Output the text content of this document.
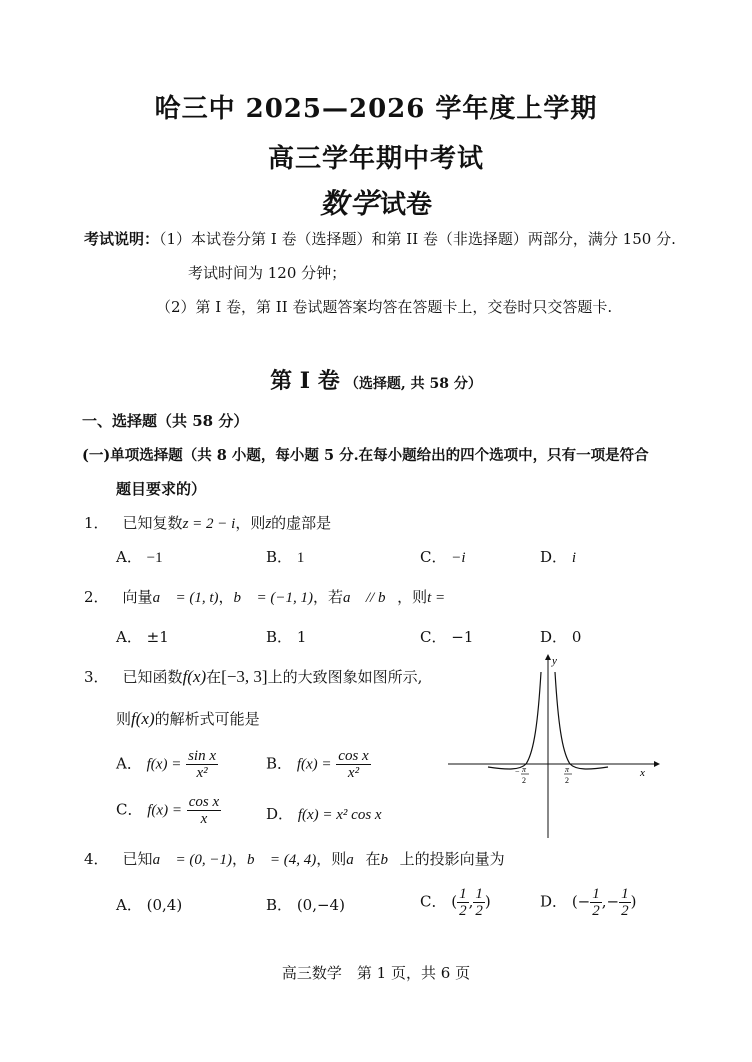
哈三中 2025—2026 学年度上学期
高三学年期中考试
数学试卷
考试说明：（1）本试卷分第 I 卷（选择题）和第 II 卷（非选择题）两部分，满分 150 分.
考试时间为 120 分钟；
（2）第 I 卷，第 II 卷试题答案均答在答题卡上，交卷时只交答题卡.
第 I 卷 （选择题, 共 58 分）
一、选择题（共 58 分）
(一)单项选择题（共 8 小题，每小题 5 分.在每小题给出的四个选项中，只有一项是符合
题目要求的）
1． 已知复数z = 2 − i，则z̄的虚部是
A． −1	B． 1	C． −i	D． i
2． 向量a⃗ = (1, t)，b⃗ = (−1, 1)，若a⃗ // b⃗，则t =
A． ±1	B． 1	C． −1	D． 0
3． 已知函数f(x)在[−3, 3]上的大致图象如图所示,
则f(x)的解析式可能是
A． $f(x) = \frac{\text{sin x}}{\text{x²}}$	B． $f(x) = \frac{\text{cos x}}{\text{x²}}$
C． $f(x) = \frac{\text{cos x}}{x}$	D． f(x) = x² cos x
y
x
− π
2
π
2
4． 已知a⃗ = (0, −1)，b⃗ = (4, 4)，则a⃗在b⃗上的投影向量为
A． (0,4)	B． (0,−4)	C． ( $\frac{1}{2}$ , $\frac{1}{2}$ )	D． (− $\frac{1}{2}$ ,− $\frac{1}{2}$ )
高三数学　第 1 页，共 6 页
